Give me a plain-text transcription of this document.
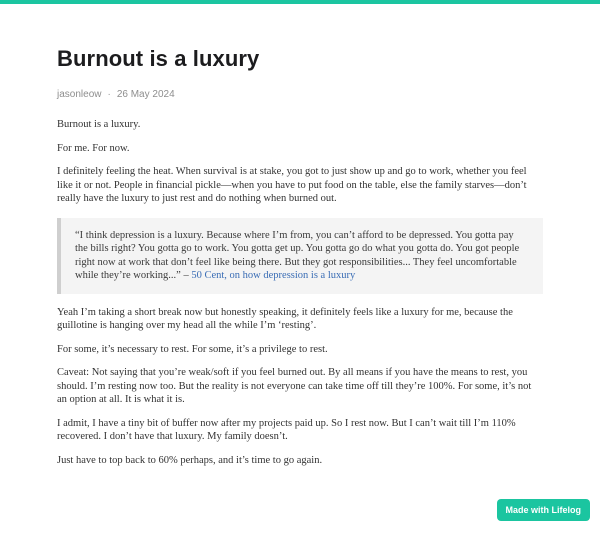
Burnout is a luxury
jasonleow · 26 May 2024

Burnout is a luxury.

For me. For now.

I definitely feeling the heat. When survival is at stake, you got to just show up and go to work, whether you feel like it or not. People in financial pickle—when you have to put food on the table, else the family starves—don’t really have the luxury to just rest and do nothing when burned out.

“I think depression is a luxury. Because where I’m from, you can’t afford to be depressed. You gotta pay the bills right? You gotta go to work. You gotta get up. You gotta go do what you gotta do. You got people right now at work that don’t feel like being there. But they got responsibilities... They feel uncomfortable while they’re working...” – 50 Cent, on how depression is a luxury

Yeah I’m taking a short break now but honestly speaking, it definitely feels like a luxury for me, because the guillotine is hanging over my head all the while I’m ‘resting’.

For some, it’s necessary to rest. For some, it’s a privilege to rest.

Caveat: Not saying that you’re weak/soft if you feel burned out. By all means if you have the means to rest, you should. I’m resting now too. But the reality is not everyone can take time off till they’re 100%. For some, it’s not an option at all. It is what it is.

I admit, I have a tiny bit of buffer now after my projects paid up. So I rest now. But I can’t wait till I’m 110% recovered. I don’t have that luxury. My family doesn’t.

Just have to top back to 60% perhaps, and it’s time to go again.

Made with Lifelog
